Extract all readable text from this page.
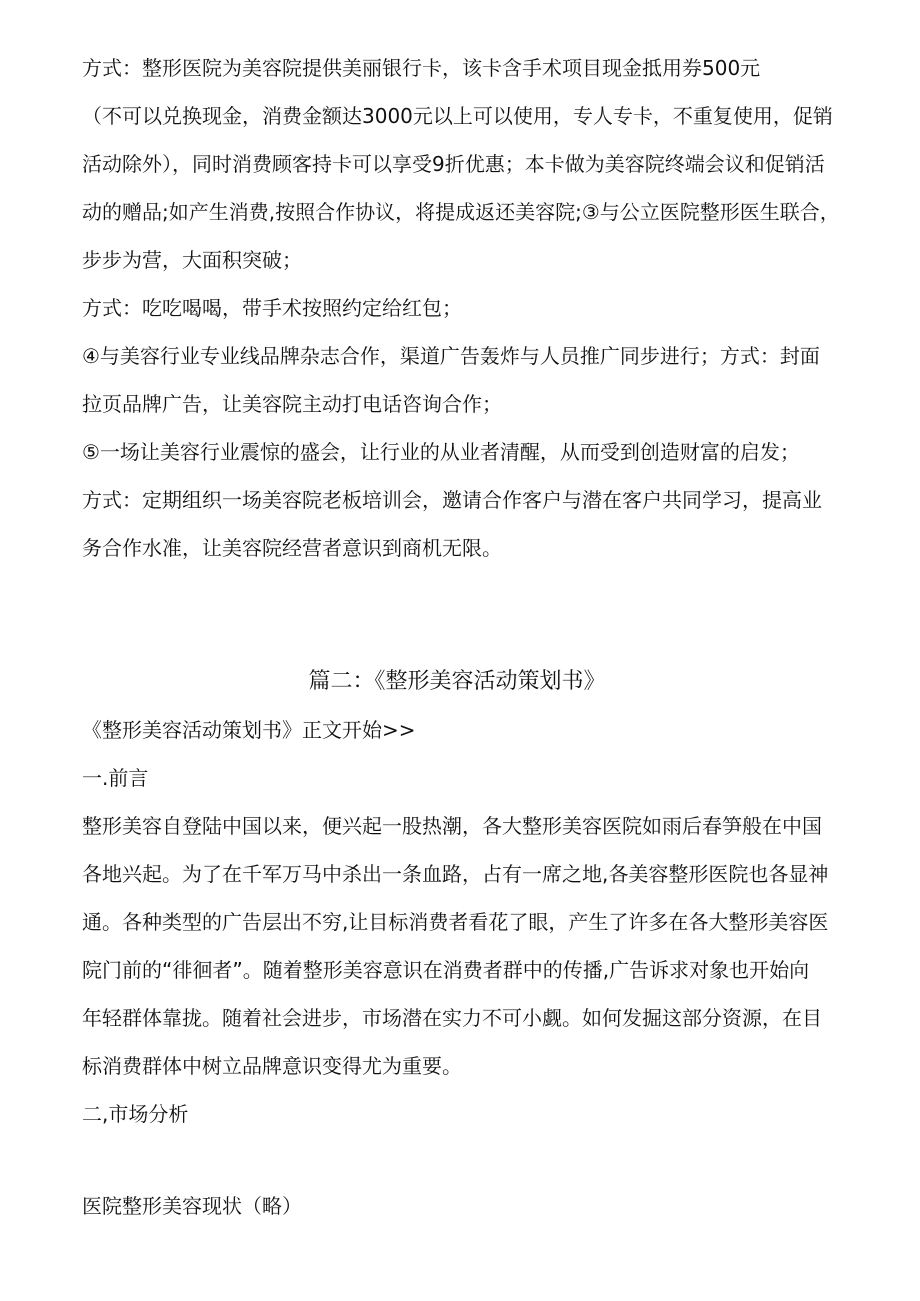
方式：整形医院为美容院提供美丽银行卡，该卡含手术项目现金抵用券500元

（不可以兑换现金，消费金额达3000元以上可以使用，专人专卡，不重复使用，促销

活动除外），同时消费顾客持卡可以享受9折优惠；本卡做为美容院终端会议和促销活

动的赠品;如产生消费,按照合作协议，将提成返还美容院;③与公立医院整形医生联合，

步步为营，大面积突破；

方式：吃吃喝喝，带手术按照约定给红包；

④与美容行业专业线品牌杂志合作，渠道广告轰炸与人员推广同步进行；方式：封面

拉页品牌广告，让美容院主动打电话咨询合作；

⑤一场让美容行业震惊的盛会，让行业的从业者清醒，从而受到创造财富的启发；

方式：定期组织一场美容院老板培训会，邀请合作客户与潜在客户共同学习，提高业

务合作水准，让美容院经营者意识到商机无限。

篇二：《整形美容活动策划书》

《整形美容活动策划书》正文开始>>

一.前言

整形美容自登陆中国以来，便兴起一股热潮，各大整形美容医院如雨后春笋般在中国

各地兴起。为了在千军万马中杀出一条血路，占有一席之地,各美容整形医院也各显神

通。各种类型的广告层出不穷,让目标消费者看花了眼，产生了许多在各大整形美容医

院门前的“徘徊者”。随着整形美容意识在消费者群中的传播,广告诉求对象也开始向

年轻群体靠拢。随着社会进步，市场潜在实力不可小觑。如何发掘这部分资源，在目

标消费群体中树立品牌意识变得尤为重要。

二,市场分析

医院整形美容现状（略）
